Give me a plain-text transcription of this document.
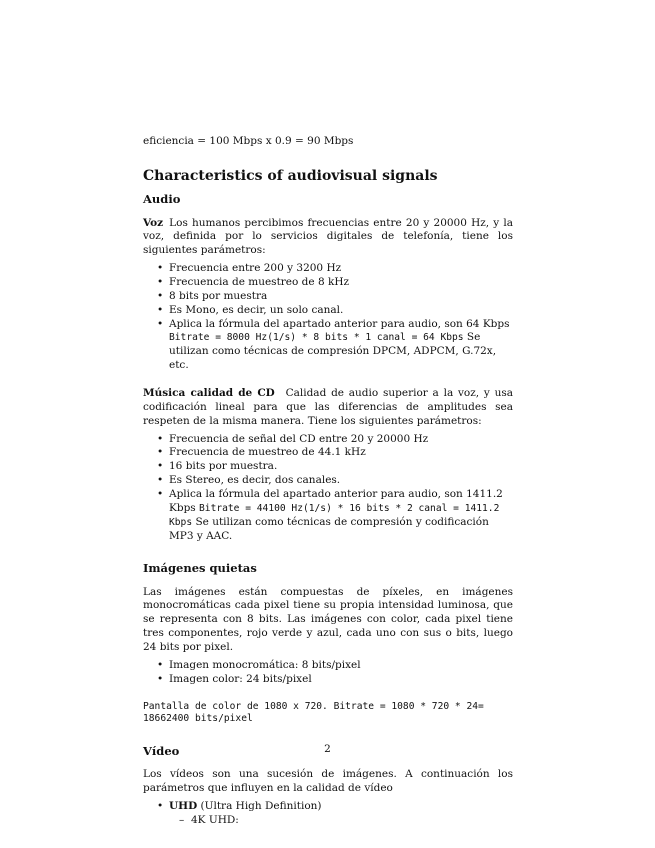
eficiencia = 100 Mbps x 0.9 = 90 Mbps

Characteristics of audiovisual signals
Audio

Voz Los humanos percibimos frecuencias entre 20 y 20000 Hz, y la voz, definida por lo servicios digitales de telefonía, tiene los siguientes parámetros:

• Frecuencia entre 200 y 3200 Hz
• Frecuencia de muestreo de 8 kHz
• 8 bits por muestra
• Es Mono, es decir, un solo canal.
• Aplica la fórmula del apartado anterior para audio, son 64 Kbps Bitrate = 8000 Hz(1/s) * 8 bits * 1 canal = 64 Kbps Se utilizan como técnicas de compresión DPCM, ADPCM, G.72x, etc.

Música calidad de CD Calidad de audio superior a la voz, y usa codificación lineal para que las diferencias de amplitudes sea respeten de la misma manera. Tiene los siguientes parámetros:

• Frecuencia de señal del CD entre 20 y 20000 Hz
• Frecuencia de muestreo de 44.1 kHz
• 16 bits por muestra.
• Es Stereo, es decir, dos canales.
• Aplica la fórmula del apartado anterior para audio, son 1411.2 Kbps Bitrate = 44100 Hz(1/s) * 16 bits * 2 canal = 1411.2 Kbps Se utilizan como técnicas de compresión y codificación MP3 y AAC.
Imágenes quietas

Las imágenes están compuestas de píxeles, en imágenes monocromáticas cada pixel tiene su propia intensidad luminosa, que se representa con 8 bits. Las imágenes con color, cada pixel tiene tres componentes, rojo verde y azul, cada uno con sus o bits, luego 24 bits por pixel.

• Imagen monocromática: 8 bits/pixel
• Imagen color: 24 bits/pixel
Pantalla de color de 1080 x 720. Bitrate = 1080 * 720 * 24=
18662400 bits/pixel
Vídeo

Los vídeos son una sucesión de imágenes. A continuación los parámetros que influyen en la calidad de vídeo

• UHD (Ultra High Definition)
– 4K UHD:
2
